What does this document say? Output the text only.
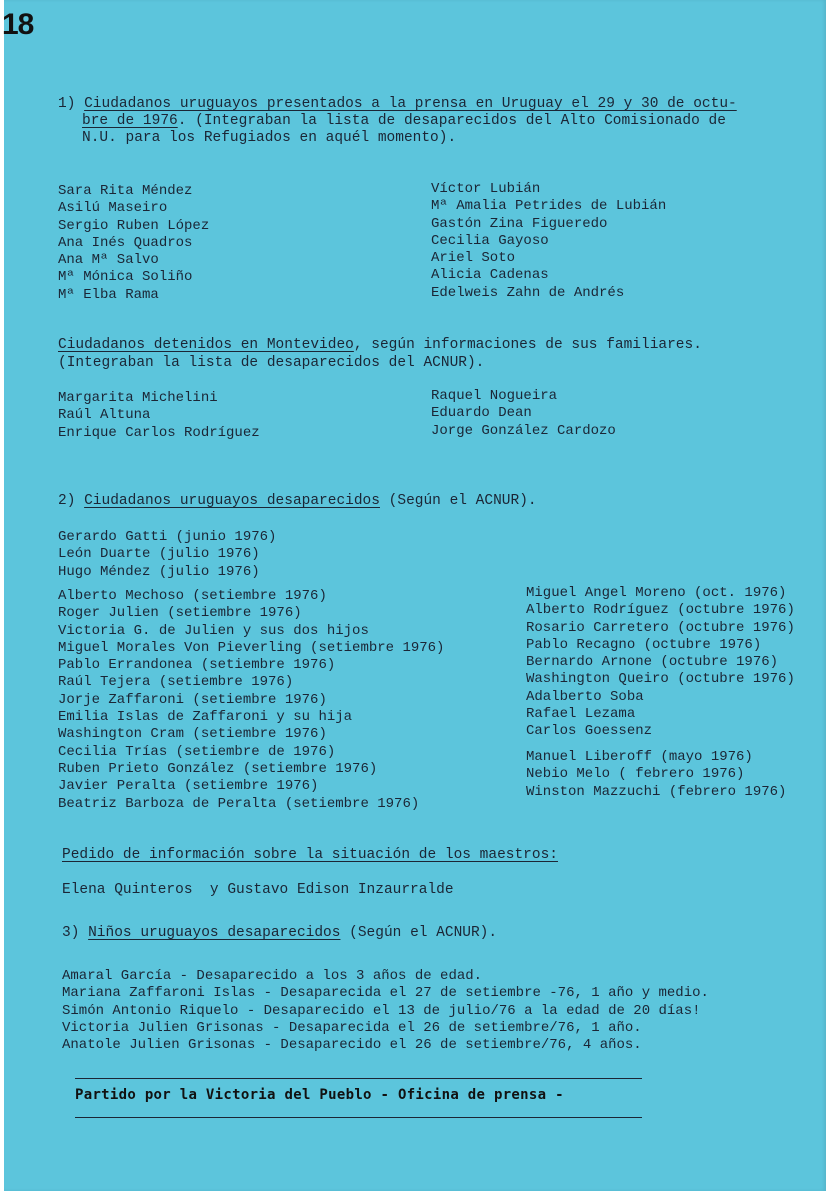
18
1) Ciudadanos uruguayos presentados a la prensa en Uruguay el 29 y 30 de octu-
bre de 1976. (Integraban la lista de desaparecidos del Alto Comisionado de
N.U. para los Refugiados en aquél momento).
Sara Rita Méndez
Asilú Maseiro
Sergio Ruben López
Ana Inés Quadros
Ana Mª Salvo
Mª Mónica Soliño
Mª Elba Rama
Víctor Lubián
Mª Amalia Petrides de Lubián
Gastón Zina Figueredo
Cecilia Gayoso
Ariel Soto
Alicia Cadenas
Edelweis Zahn de Andrés
Ciudadanos detenidos en Montevideo, según informaciones de sus familiares.
(Integraban la lista de desaparecidos del ACNUR).
Margarita Michelini
Raúl Altuna
Enrique Carlos Rodríguez
Raquel Nogueira
Eduardo Dean
Jorge González Cardozo
2) Ciudadanos uruguayos desaparecidos (Según el ACNUR).
Gerardo Gatti (junio 1976)
León Duarte (julio 1976)
Hugo Méndez (julio 1976)
Alberto Mechoso (setiembre 1976)
Roger Julien (setiembre 1976)
Victoria G. de Julien y sus dos hijos
Miguel Morales Von Pieverling (setiembre 1976)
Pablo Errandonea (setiembre 1976)
Raúl Tejera (setiembre 1976)
Jorje Zaffaroni (setiembre 1976)
Emilia Islas de Zaffaroni y su hija
Washington Cram (setiembre 1976)
Cecilia Trías (setiembre de 1976)
Ruben Prieto González (setiembre 1976)
Javier Peralta (setiembre 1976)
Beatriz Barboza de Peralta (setiembre 1976)
Miguel Angel Moreno (oct. 1976)
Alberto Rodríguez (octubre 1976)
Rosario Carretero (octubre 1976)
Pablo Recagno (octubre 1976)
Bernardo Arnone (octubre 1976)
Washington Queiro (octubre 1976)
Adalberto Soba
Rafael Lezama
Carlos Goessenz
Manuel Liberoff (mayo 1976)
Nebio Melo ( febrero 1976)
Winston Mazzuchi (febrero 1976)
Pedido de información sobre la situación de los maestros:
Elena Quinteros  y Gustavo Edison Inzaurralde
3) Niños uruguayos desaparecidos (Según el ACNUR).
Amaral García - Desaparecido a los 3 años de edad.
Mariana Zaffaroni Islas - Desaparecida el 27 de setiembre -76, 1 año y medio.
Simón Antonio Riquelo - Desaparecido el 13 de julio/76 a la edad de 20 días!
Victoria Julien Grisonas - Desaparecida el 26 de setiembre/76, 1 año.
Anatole Julien Grisonas - Desaparecido el 26 de setiembre/76, 4 años.
Partido por la Victoria del Pueblo - Oficina de prensa -
